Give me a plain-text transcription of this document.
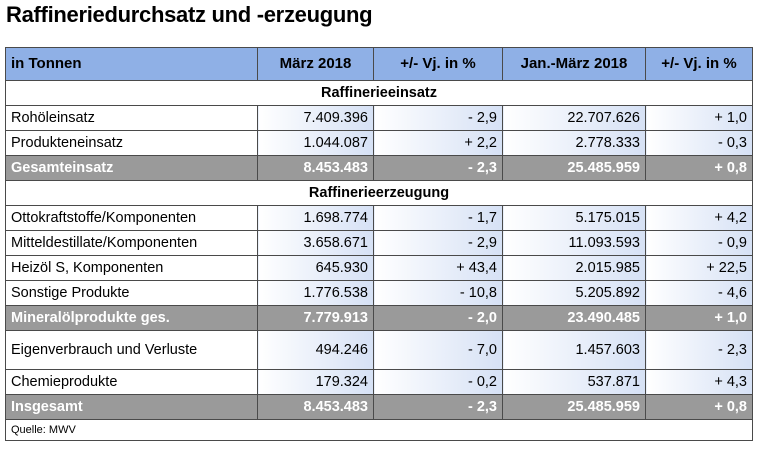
Raffineriedurchsatz und -erzeugung
in Tonnen	März 2018	+/- Vj. in %	Jan.-März 2018	+/- Vj. in %
Raffinerieeinsatz				
Rohöleinsatz	7.409.396	- 2,9	22.707.626	+ 1,0
Produkteneinsatz	1.044.087	+ 2,2	2.778.333	- 0,3
Gesamteinsatz	8.453.483	- 2,3	25.485.959	+ 0,8
Raffinerieerzeugung				
Ottokraftstoffe/Komponenten	1.698.774	- 1,7	5.175.015	+ 4,2
Mitteldestillate/Komponenten	3.658.671	- 2,9	11.093.593	- 0,9
Heizöl S, Komponenten	645.930	+ 43,4	2.015.985	+ 22,5
Sonstige Produkte	1.776.538	- 10,8	5.205.892	- 4,6
Mineralölprodukte ges.	7.779.913	- 2,0	23.490.485	+ 1,0
Eigenverbrauch und Verluste	494.246	- 7,0	1.457.603	- 2,3
Chemieprodukte	179.324	- 0,2	537.871	+ 4,3
Insgesamt	8.453.483	- 2,3	25.485.959	+ 0,8
Quelle: MWV				
